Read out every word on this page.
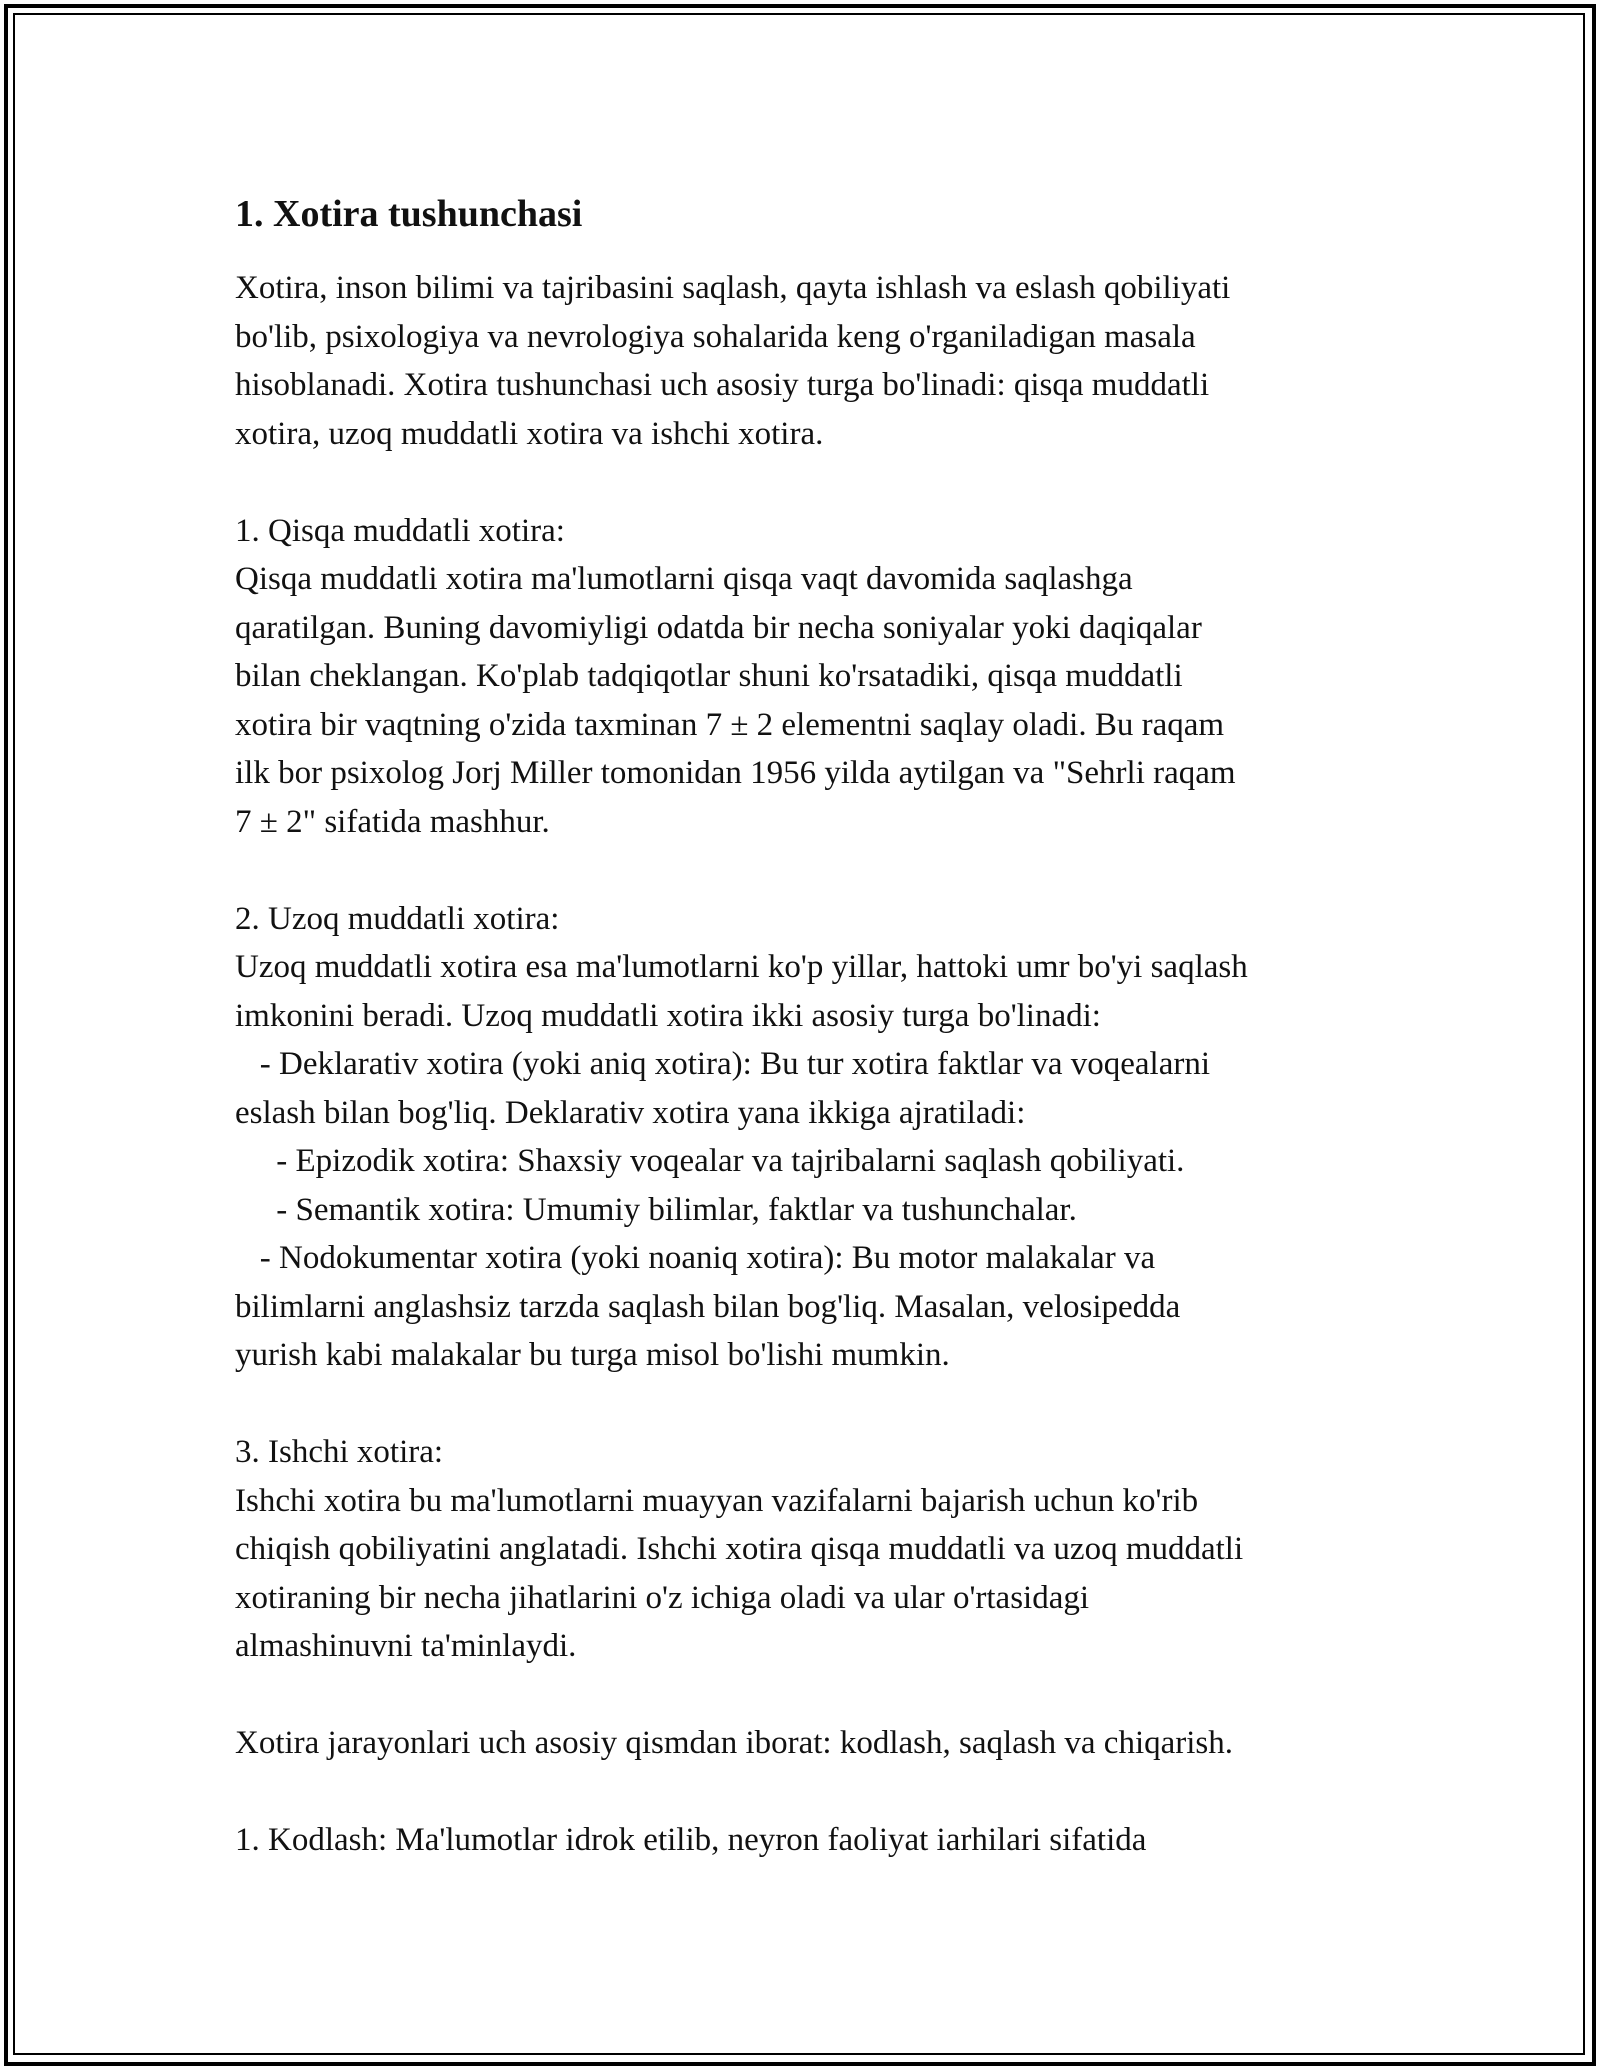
1. Xotira tushunchasi
Xotira, inson bilimi va tajribasini saqlash, qayta ishlash va eslash qobiliyati
bo'lib, psixologiya va nevrologiya sohalarida keng o'rganiladigan masala
hisoblanadi. Xotira tushunchasi uch asosiy turga bo'linadi: qisqa muddatli
xotira, uzoq muddatli xotira va ishchi xotira.
1. Qisqa muddatli xotira:
Qisqa muddatli xotira ma'lumotlarni qisqa vaqt davomida saqlashga
qaratilgan. Buning davomiyligi odatda bir necha soniyalar yoki daqiqalar
bilan cheklangan. Ko'plab tadqiqotlar shuni ko'rsatadiki, qisqa muddatli
xotira bir vaqtning o'zida taxminan 7 ± 2 elementni saqlay oladi. Bu raqam
ilk bor psixolog Jorj Miller tomonidan 1956 yilda aytilgan va "Sehrli raqam
7 ± 2" sifatida mashhur.
2. Uzoq muddatli xotira:
Uzoq muddatli xotira esa ma'lumotlarni ko'p yillar, hattoki umr bo'yi saqlash
imkonini beradi. Uzoq muddatli xotira ikki asosiy turga bo'linadi:
- Deklarativ xotira (yoki aniq xotira): Bu tur xotira faktlar va voqealarni
eslash bilan bog'liq. Deklarativ xotira yana ikkiga ajratiladi:
- Epizodik xotira: Shaxsiy voqealar va tajribalarni saqlash qobiliyati.
- Semantik xotira: Umumiy bilimlar, faktlar va tushunchalar.
- Nodokumentar xotira (yoki noaniq xotira): Bu motor malakalar va
bilimlarni anglashsiz tarzda saqlash bilan bog'liq. Masalan, velosipedda
yurish kabi malakalar bu turga misol bo'lishi mumkin.
3. Ishchi xotira:
Ishchi xotira bu ma'lumotlarni muayyan vazifalarni bajarish uchun ko'rib
chiqish qobiliyatini anglatadi. Ishchi xotira qisqa muddatli va uzoq muddatli
xotiraning bir necha jihatlarini o'z ichiga oladi va ular o'rtasidagi
almashinuvni ta'minlaydi.
Xotira jarayonlari uch asosiy qismdan iborat: kodlash, saqlash va chiqarish.
1. Kodlash: Ma'lumotlar idrok etilib, neyron faoliyat iarhilari sifatida
